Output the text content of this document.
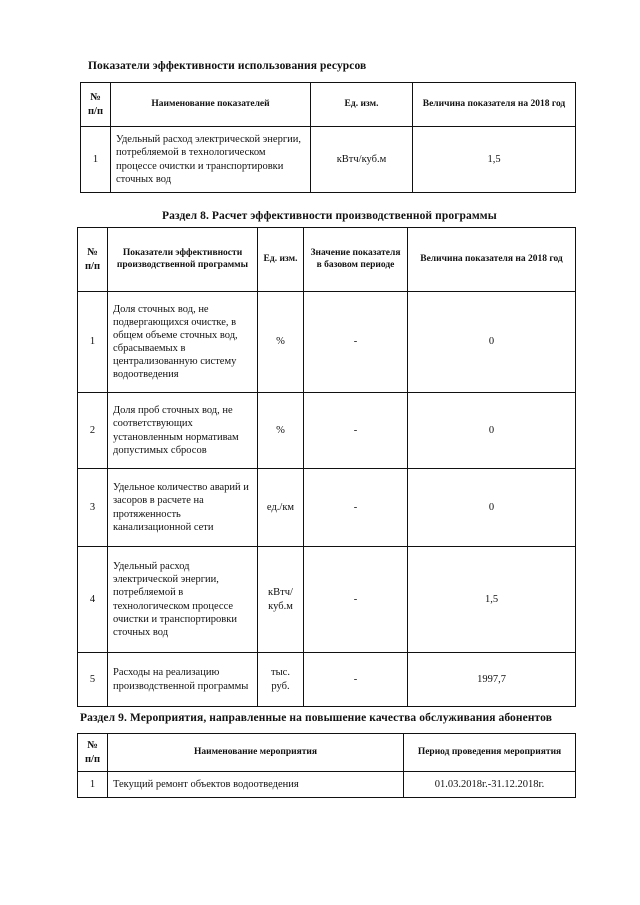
Показатели эффективности использования ресурсов
№ п/п	Наименование показателей	Ед. изм.	Величина показателя на 2018 год
1	Удельный расход электрической энергии, потребляемой в технологическом процессе очистки и транспортировки сточных вод	кВтч/куб.м	1,5
Раздел 8. Расчет эффективности производственной программы
№ п/п	Показатели эффективности производственной программы	Ед. изм.	Значение показателя в базовом периоде	Величина показателя на 2018 год
1	Доля сточных вод, не подвергающихся очистке, в общем объеме сточных вод, сбрасываемых в централизованную систему водоотведения	%	-	0
2	Доля проб сточных вод, не соответствующих установленным нормативам допустимых сбросов	%	-	0
3	Удельное количество аварий и засоров в расчете на протяженность канализационной сети	ед./км	-	0
4	Удельный расход электрической энергии, потребляемой в технологическом процессе очистки и транспортировки сточных вод	кВтч/ куб.м	-	1,5
5	Расходы на реализацию производственной программы	тыс. руб.	-	1997,7
Раздел 9. Мероприятия, направленные на повышение качества обслуживания абонентов
№ п/п	Наименование мероприятия	Период проведения мероприятия
1	Текущий ремонт объектов водоотведения	01.03.2018г.-31.12.2018г.
